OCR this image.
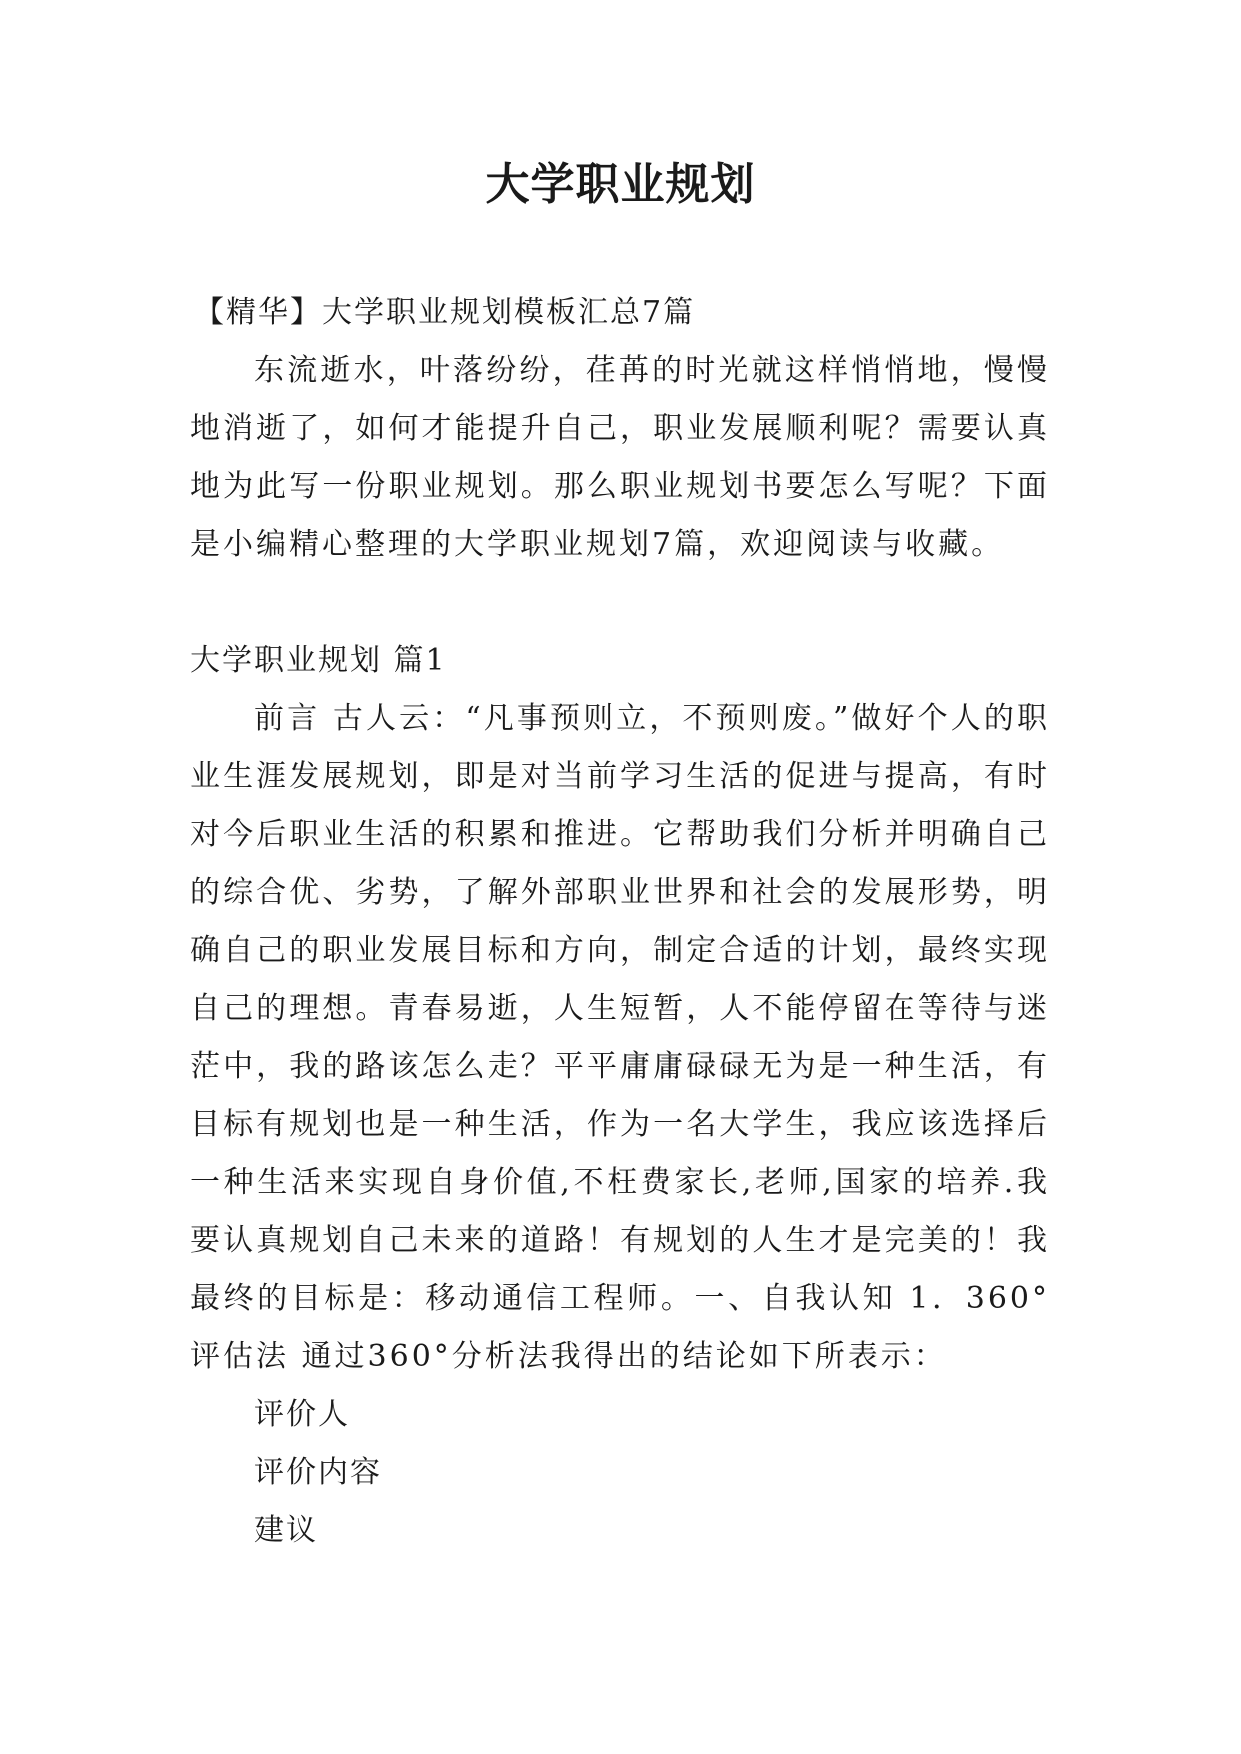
大学职业规划

【精华】大学职业规划模板汇总7篇

东流逝水，叶落纷纷，荏苒的时光就这样悄悄地，慢慢地消逝了，如何才能提升自己，职业发展顺利呢？需要认真地为此写一份职业规划。那么职业规划书要怎么写呢？下面是小编精心整理的大学职业规划7篇，欢迎阅读与收藏。

大学职业规划 篇1

前言 古人云：“凡事预则立，不预则废。”做好个人的职业生涯发展规划，即是对当前学习生活的促进与提高，有时对今后职业生活的积累和推进。它帮助我们分析并明确自己的综合优、劣势，了解外部职业世界和社会的发展形势，明确自己的职业发展目标和方向，制定合适的计划，最终实现自己的理想。青春易逝，人生短暂，人不能停留在等待与迷茫中，我的路该怎么走？平平庸庸碌碌无为是一种生活，有目标有规划也是一种生活，作为一名大学生，我应该选择后一种生活来实现自身价值,不枉费家长,老师,国家的培养.我要认真规划自己未来的道路！有规划的人生才是完美的！我最终的目标是：移动通信工程师。一、自我认知 1．360°评估法 通过360°分析法我得出的结论如下所表示：

评价人

评价内容

建议
